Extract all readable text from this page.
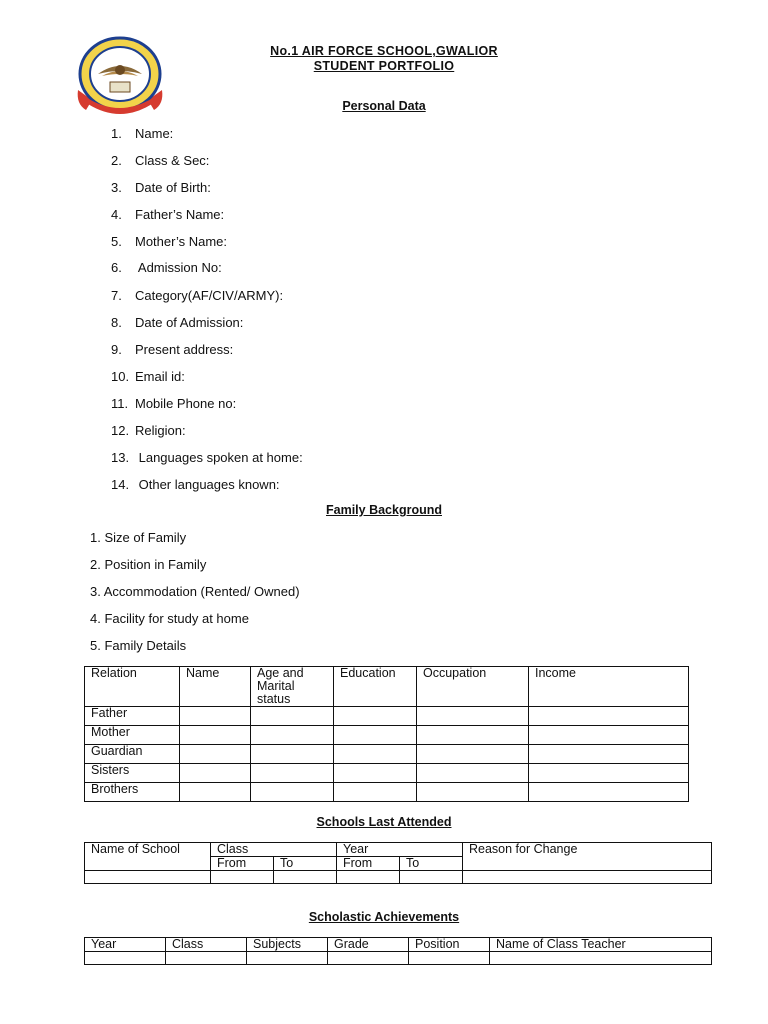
No.1 AIR FORCE SCHOOL,GWALIOR
STUDENT PORTFOLIO
Personal Data
1. Name:
2. Class & Sec:
3. Date of Birth:
4. Father’s Name:
5. Mother’s Name:
6. Admission No:
7. Category(AF/CIV/ARMY):
8. Date of Admission:
9. Present address:
10. Email id:
11. Mobile Phone no:
12. Religion:
13. Languages spoken at home:
14. Other languages known:
Family Background
1. Size of Family
2. Position in Family
3. Accommodation (Rented/ Owned)
4. Facility for study at home
5. Family Details
Relation	Name	Age and Marital status	Education	Occupation	Income
Father					
Mother					
Guardian					
Sisters					
Brothers					
Schools Last Attended
Name of School	Class		Year		Reason for Change
	From	To	From	To	

Scholastic Achievements
Year	Class	Subjects	Grade	Position	Name of Class Teacher
